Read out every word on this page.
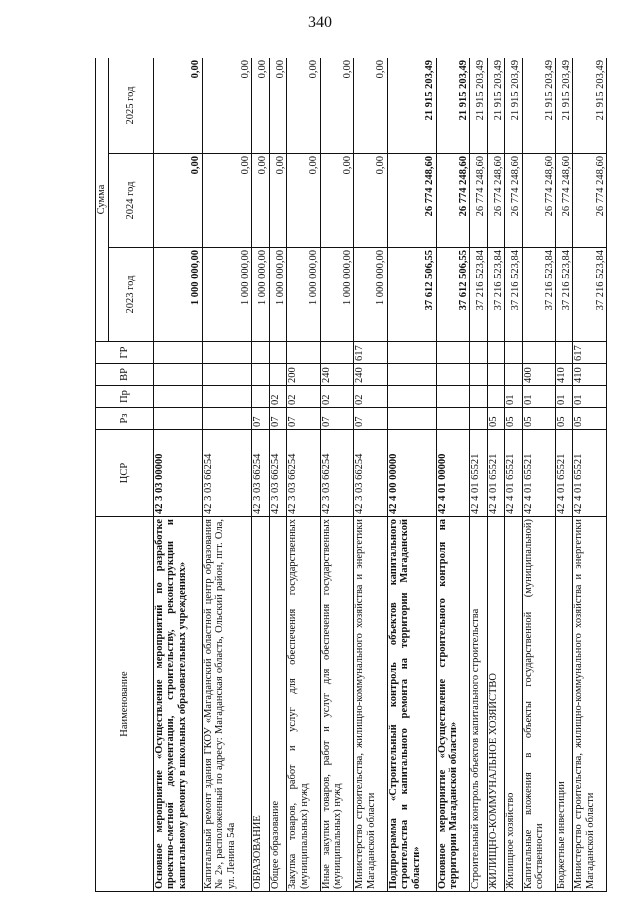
340
Наименование	ЦСР	Рз	Пр	ВР	ГР	Сумма		
						2023 год	2024 год	2025 год
Основное мероприятие «Осуществление мероприятий по разработке проектно-сметной документации, строительству, реконструкции и капитальному ремонту в школьных образовательных учреждениях»	42 3 03 00000					1 000 000,00	0,00	0,00
Капитальный ремонт здания ГКОУ «Магаданский областной центр образования № 2», расположенный по адресу: Магаданская область, Ольский район, пгт. Ола, ул. Ленина 54а	42 3 03 66254					1 000 000,00	0,00	0,00
ОБРАЗОВАНИЕ	42 3 03 66254	07				1 000 000,00	0,00	0,00
Общее образование	42 3 03 66254	07	02			1 000 000,00	0,00	0,00
Закупка товаров, работ и услуг для обеспечения государственных (муниципальных) нужд	42 3 03 66254	07	02	200		1 000 000,00	0,00	0,00
Иные закупки товаров, работ и услуг для обеспечения государственных (муниципальных) нужд	42 3 03 66254	07	02	240		1 000 000,00	0,00	0,00
Министерство строительства, жилищно-коммунального хозяйства и энергетики Магаданской области	42 3 03 66254	07	02	240	617	1 000 000,00	0,00	0,00
Подпрограмма «Строительный контроль объектов капитального строительства и капитального ремонта на территории Магаданской области»	42 4 00 00000					37 612 506,55	26 774 248,60	21 915 203,49
Основное мероприятие «Осуществление строительного контроля на территории Магаданской области»	42 4 01 00000					37 612 506,55	26 774 248,60	21 915 203,49
Строительный контроль объектов капитального строительства	42 4 01 65521					37 216 523,84	26 774 248,60	21 915 203,49
ЖИЛИЩНО-КОММУНАЛЬНОЕ ХОЗЯЙСТВО	42 4 01 65521	05				37 216 523,84	26 774 248,60	21 915 203,49
Жилищное хозяйство	42 4 01 65521	05	01			37 216 523,84	26 774 248,60	21 915 203,49
Капитальные вложения в объекты государственной (муниципальной) собственности	42 4 01 65521	05	01	400		37 216 523,84	26 774 248,60	21 915 203,49
Бюджетные инвестиции	42 4 01 65521	05	01	410		37 216 523,84	26 774 248,60	21 915 203,49
Министерство строительства, жилищно-коммунального хозяйства и энергетики Магаданской области	42 4 01 65521	05	01	410	617	37 216 523,84	26 774 248,60	21 915 203,49
